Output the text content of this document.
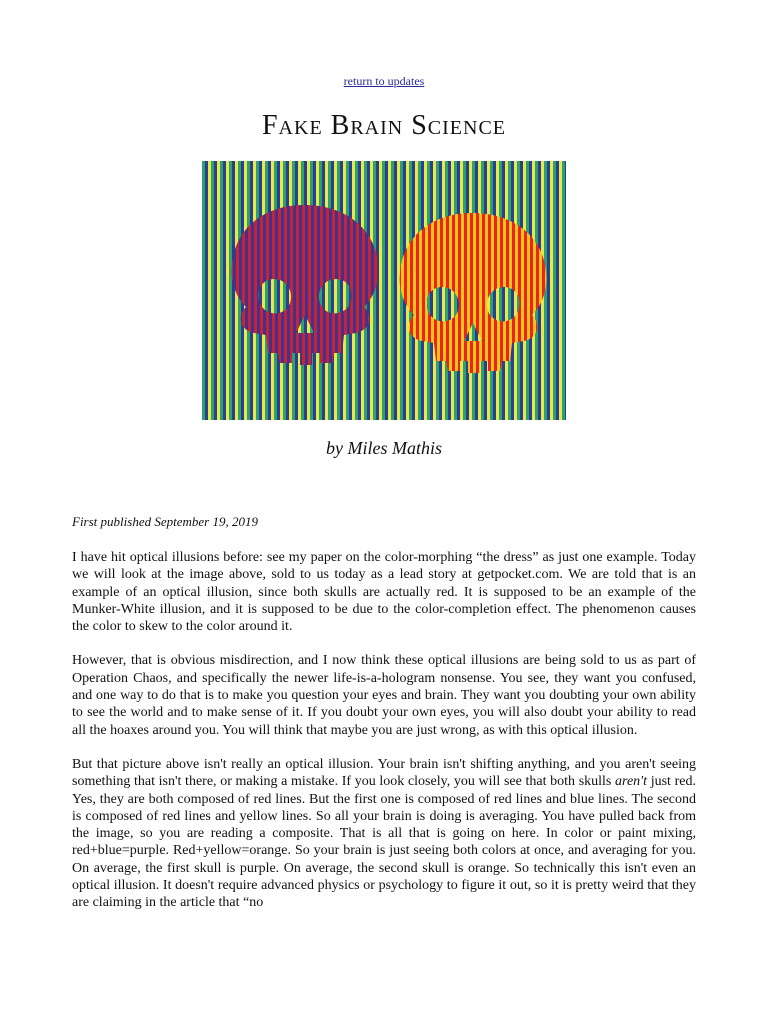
return to updates
Fake Brain Science
by Miles Mathis
First published September 19, 2019

I have hit optical illusions before: see my paper on the color-morphing “the dress” as just one example. Today we will look at the image above, sold to us today as a lead story at getpocket.com. We are told that is an example of an optical illusion, since both skulls are actually red. It is supposed to be an example of the Munker-White illusion, and it is supposed to be due to the color-completion effect. The phenomenon causes the color to skew to the color around it.

However, that is obvious misdirection, and I now think these optical illusions are being sold to us as part of Operation Chaos, and specifically the newer life-is-a-hologram nonsense. You see, they want you confused, and one way to do that is to make you question your eyes and brain. They want you doubting your own ability to see the world and to make sense of it. If you doubt your own eyes, you will also doubt your ability to read all the hoaxes around you. You will think that maybe you are just wrong, as with this optical illusion.

But that picture above isn't really an optical illusion. Your brain isn't shifting anything, and you aren't seeing something that isn't there, or making a mistake. If you look closely, you will see that both skulls aren't just red. Yes, they are both composed of red lines. But the first one is composed of red lines and blue lines. The second is composed of red lines and yellow lines. So all your brain is doing is averaging. You have pulled back from the image, so you are reading a composite. That is all that is going on here. In color or paint mixing, red+blue=purple. Red+yellow=orange. So your brain is just seeing both colors at once, and averaging for you. On average, the first skull is purple. On average, the second skull is orange. So technically this isn't even an optical illusion. It doesn't require advanced physics or psychology to figure it out, so it is pretty weird that they are claiming in the article that “no
